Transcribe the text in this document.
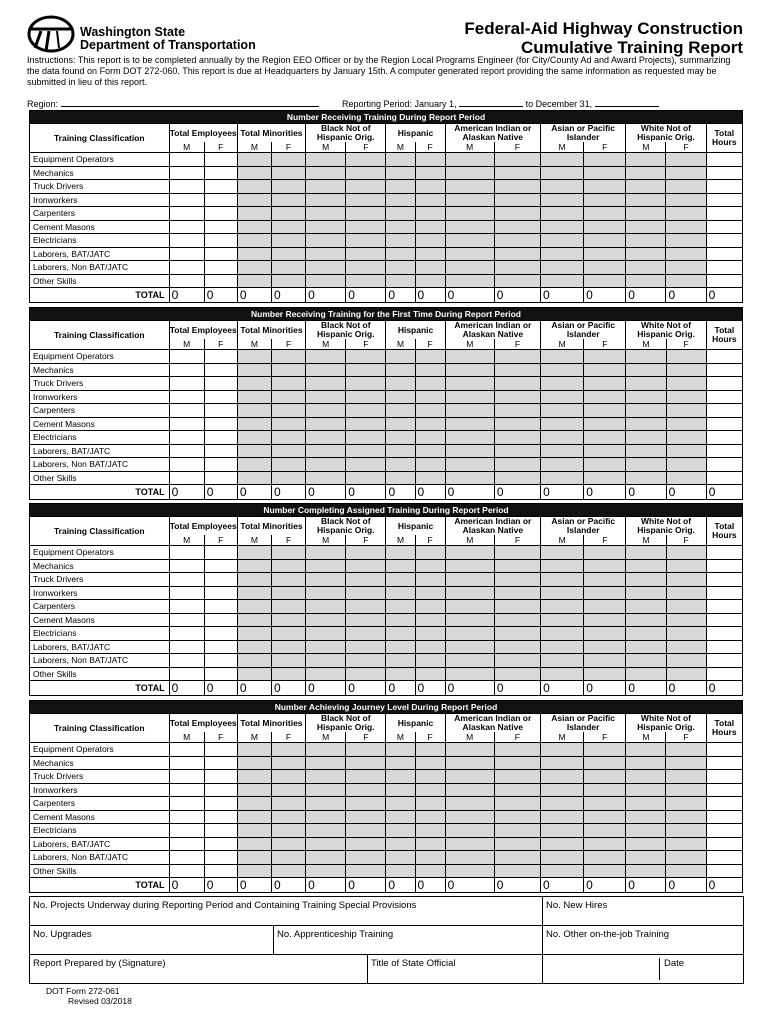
Washington State
Department of Transportation
Federal-Aid Highway Construction
Cumulative Training Report
Instructions: This report is to be completed annually by the Region EEO Officer or by the Region Local Programs Engineer (for City/County Ad and Award Projects), summarizing the data found on Form DOT 272-060. This report is due at Headquarters by January 15th. A computer generated report providing the same information as requested may be submitted in lieu of this report.
Region:	Reporting Period: January 1,	to December 31,
Number Receiving Training During Report Period															
Training Classification	Total Employees		Total Minorities		Black Not of Hispanic Orig.		Hispanic		American Indian or Alaskan Native		Asian or Pacific Islander		White Not of Hispanic Orig.		Total Hours
	M	F	M	F	M	F	M	F	M	F	M	F	M	F	
Equipment Operators															
Mechanics															
Truck Drivers															
Ironworkers															
Carpenters															
Cement Masons															
Electricians															
Laborers, BAT/JATC															
Laborers, Non BAT/JATC															
Other Skills															
TOTAL	0	0	0	0	0	0	0	0	0	0	0	0	0	0	0
Number Receiving Training for the First Time During Report Period															
Training Classification	Total Employees		Total Minorities		Black Not of Hispanic Orig.		Hispanic		American Indian or Alaskan Native		Asian or Pacific Islander		White Not of Hispanic Orig.		Total Hours
	M	F	M	F	M	F	M	F	M	F	M	F	M	F	
Equipment Operators															
Mechanics															
Truck Drivers															
Ironworkers															
Carpenters															
Cement Masons															
Electricians															
Laborers, BAT/JATC															
Laborers, Non BAT/JATC															
Other Skills															
TOTAL	0	0	0	0	0	0	0	0	0	0	0	0	0	0	0
Number Completing Assigned Training During Report Period															
Training Classification	Total Employees		Total Minorities		Black Not of Hispanic Orig.		Hispanic		American Indian or Alaskan Native		Asian or Pacific Islander		White Not of Hispanic Orig.		Total Hours
	M	F	M	F	M	F	M	F	M	F	M	F	M	F	
Equipment Operators															
Mechanics															
Truck Drivers															
Ironworkers															
Carpenters															
Cement Masons															
Electricians															
Laborers, BAT/JATC															
Laborers, Non BAT/JATC															
Other Skills															
TOTAL	0	0	0	0	0	0	0	0	0	0	0	0	0	0	0
Number Achieving Journey Level During Report Period															
Training Classification	Total Employees		Total Minorities		Black Not of Hispanic Orig.		Hispanic		American Indian or Alaskan Native		Asian or Pacific Islander		White Not of Hispanic Orig.		Total Hours
	M	F	M	F	M	F	M	F	M	F	M	F	M	F	
Equipment Operators															
Mechanics															
Truck Drivers															
Ironworkers															
Carpenters															
Cement Masons															
Electricians															
Laborers, BAT/JATC															
Laborers, Non BAT/JATC															
Other Skills															
TOTAL	0	0	0	0	0	0	0	0	0	0	0	0	0	0	0
No. Projects Underway during Reporting Period and Containing Training Special Provisions			No. New Hires
No. Upgrades	No. Apprenticeship Training		No. Other on-the-job Training
Report Prepared by (Signature)		Title of State Official	Date
DOT Form 272-061
Revised 03/2018
